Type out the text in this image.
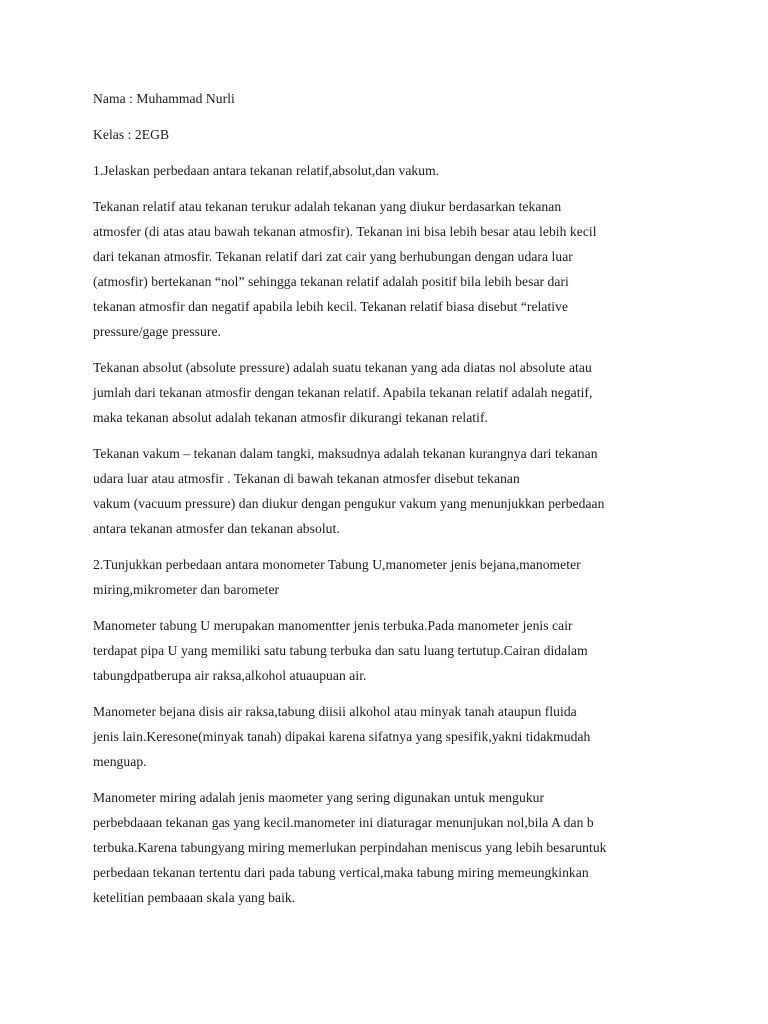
Nama : Muhammad Nurli

Kelas : 2EGB

1.Jelaskan perbedaan antara tekanan relatif,absolut,dan vakum.
Tekanan relatif atau tekanan terukur adalah tekanan yang diukur berdasarkan tekanan
atmosfer (di atas atau bawah tekanan atmosfir). Tekanan ini bisa lebih besar atau lebih kecil
dari tekanan atmosfir. Tekanan relatif dari zat cair yang berhubungan dengan udara luar
(atmosfir) bertekanan “nol” sehingga tekanan relatif adalah positif bila lebih besar dari
tekanan atmosfir dan negatif apabila lebih kecil. Tekanan relatif biasa disebut “relative
pressure/gage pressure.
Tekanan absolut (absolute pressure) adalah suatu tekanan yang ada diatas nol absolute atau
jumlah dari tekanan atmosfir dengan tekanan relatif. Apabila tekanan relatif adalah negatif,
maka tekanan absolut adalah tekanan atmosfir dikurangi tekanan relatif.
Tekanan vakum – tekanan dalam tangki, maksudnya adalah tekanan kurangnya dari tekanan
udara luar atau atmosfir . Tekanan di bawah tekanan atmosfer disebut tekanan
vakum (vacuum pressure) dan diukur dengan pengukur vakum yang menunjukkan perbedaan
antara tekanan atmosfer dan tekanan absolut.
2.Tunjukkan perbedaan antara monometer Tabung U,manometer jenis bejana,manometer
miring,mikrometer dan barometer
Manometer tabung U merupakan manomentter jenis terbuka.Pada manometer jenis cair
terdapat pipa U yang memiliki satu tabung terbuka dan satu luang tertutup.Cairan didalam
tabungdpatberupa air raksa,alkohol atuaupuan air.
Manometer bejana disis air raksa,tabung diisii alkohol atau minyak tanah ataupun fluida
jenis lain.Keresone(minyak tanah) dipakai karena sifatnya yang spesifik,yakni tidakmudah
menguap.
Manometer miring adalah jenis maometer yang sering digunakan untuk mengukur
perbebdaaan tekanan gas yang kecil.manometer ini diaturagar menunjukan nol,bila A dan b
terbuka.Karena tabungyang miring memerlukan perpindahan meniscus yang lebih besaruntuk
perbedaan tekanan tertentu dari pada tabung vertical,maka tabung miring memeungkinkan
ketelitian pembaaan skala yang baik.
